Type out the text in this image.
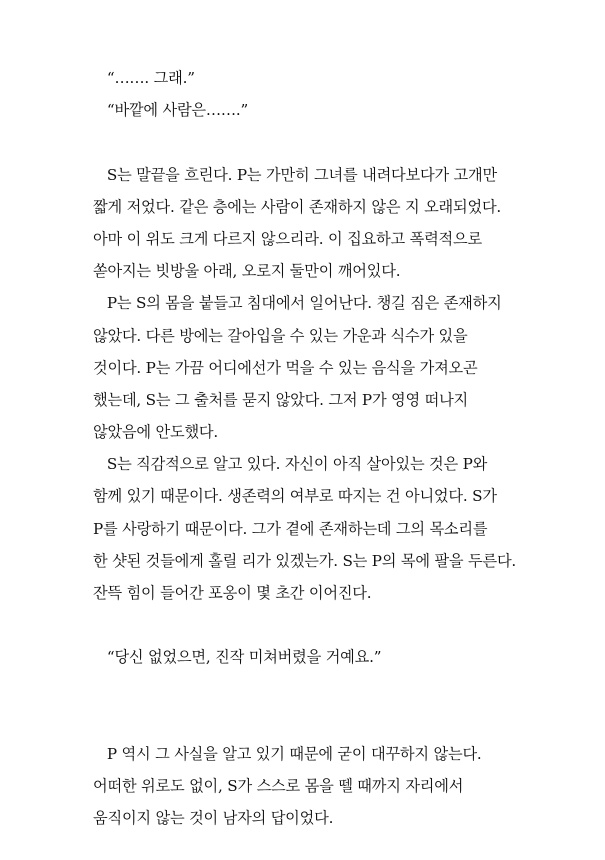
“……. 그래.”
“바깥에 사람은…….”
S는 말끝을 흐린다. P는 가만히 그녀를 내려다보다가 고개만
짧게 저었다. 같은 층에는 사람이 존재하지 않은 지 오래되었다.
아마 이 위도 크게 다르지 않으리라. 이 집요하고 폭력적으로
쏟아지는 빗방울 아래, 오로지 둘만이 깨어있다.
P는 S의 몸을 붙들고 침대에서 일어난다. 챙길 짐은 존재하지
않았다. 다른 방에는 갈아입을 수 있는 가운과 식수가 있을
것이다. P는 가끔 어디에선가 먹을 수 있는 음식을 가져오곤
했는데, S는 그 출처를 묻지 않았다. 그저 P가 영영 떠나지
않았음에 안도했다.
S는 직감적으로 알고 있다. 자신이 아직 살아있는 것은 P와
함께 있기 때문이다. 생존력의 여부로 따지는 건 아니었다. S가
P를 사랑하기 때문이다. 그가 곁에 존재하는데 그의 목소리를
한 샷된 것들에게 홀릴 리가 있겠는가. S는 P의 목에 팔을 두른다.
잔뜩 힘이 들어간 포옹이 몇 초간 이어진다.
“당신 없었으면, 진작 미쳐버렸을 거예요.”
P 역시 그 사실을 알고 있기 때문에 굳이 대꾸하지 않는다.
어떠한 위로도 없이, S가 스스로 몸을 뗄 때까지 자리에서
움직이지 않는 것이 남자의 답이었다.
